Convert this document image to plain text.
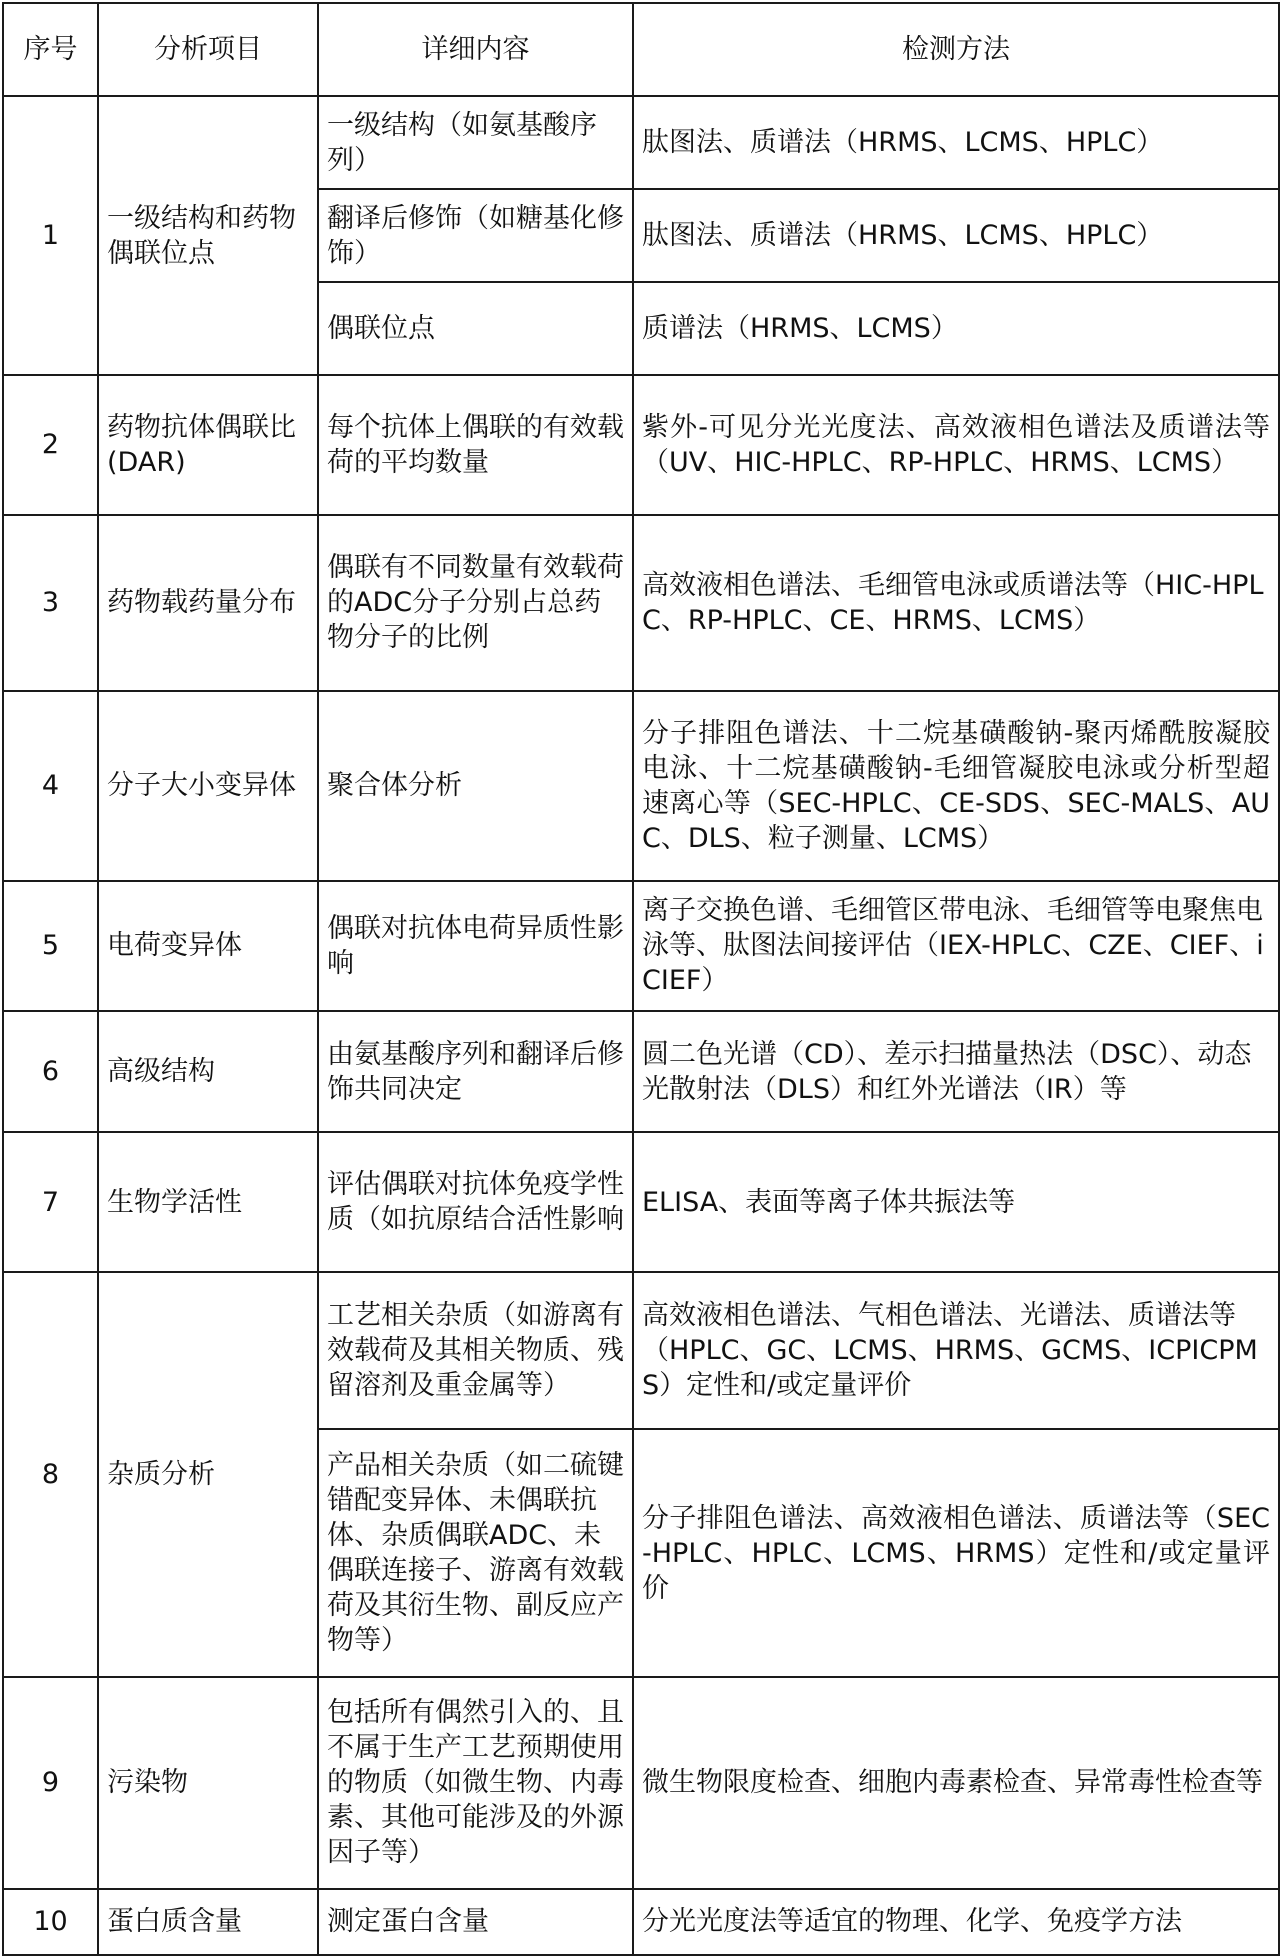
序号	分析项目	详细内容	检测方法
1	一级结构和药物偶联位点	一级结构（如氨基酸序列）	肽图法、质谱法（HRMS、LCMS、HPLC）
		翻译后修饰（如糖基化修饰）	肽图法、质谱法（HRMS、LCMS、HPLC）
		偶联位点	质谱法（HRMS、LCMS）
2	药物抗体偶联比(DAR)	每个抗体上偶联的有效载荷的平均数量	紫外-可见分光光度法、高效液相色谱法及质谱法等（UV、HIC-HPLC、RP-HPLC、HRMS、LCMS）
3	药物载药量分布	偶联有不同数量有效载荷的ADC分子分别占总药物分子的比例	高效液相色谱法、毛细管电泳或质谱法等（HIC-HPLC、RP-HPLC、CE、HRMS、LCMS）
4	分子大小变异体	聚合体分析	分子排阻色谱法、十二烷基磺酸钠-聚丙烯酰胺凝胶电泳、十二烷基磺酸钠-毛细管凝胶电泳或分析型超速离心等（SEC-HPLC、CE-SDS、SEC-MALS、AUC、DLS、粒子测量、LCMS）
5	电荷变异体	偶联对抗体电荷异质性影响	离子交换色谱、毛细管区带电泳、毛细管等电聚焦电泳等、肽图法间接评估（IEX-HPLC、CZE、CIEF、iCIEF）
6	高级结构	由氨基酸序列和翻译后修饰共同决定	圆二色光谱（CD）、差示扫描量热法（DSC）、动态光散射法（DLS）和红外光谱法（IR）等
7	生物学活性	评估偶联对抗体免疫学性质（如抗原结合活性影响	ELISA、表面等离子体共振法等
8	杂质分析	工艺相关杂质（如游离有效载荷及其相关物质、残留溶剂及重金属等）	高效液相色谱法、气相色谱法、光谱法、质谱法等（HPLC、GC、LCMS、HRMS、GCMS、ICPICPMS）定性和/或定量评价
		产品相关杂质（如二硫键错配变异体、未偶联抗体、杂质偶联ADC、未偶联连接子、游离有效载荷及其衍生物、副反应产物等）	分子排阻色谱法、高效液相色谱法、质谱法等（SEC-HPLC、HPLC、LCMS、HRMS）定性和/或定量评价
9	污染物	包括所有偶然引入的、且不属于生产工艺预期使用的物质（如微生物、内毒素、其他可能涉及的外源因子等）	微生物限度检查、细胞内毒素检查、异常毒性检查等
10	蛋白质含量	测定蛋白含量	分光光度法等适宜的物理、化学、免疫学方法
